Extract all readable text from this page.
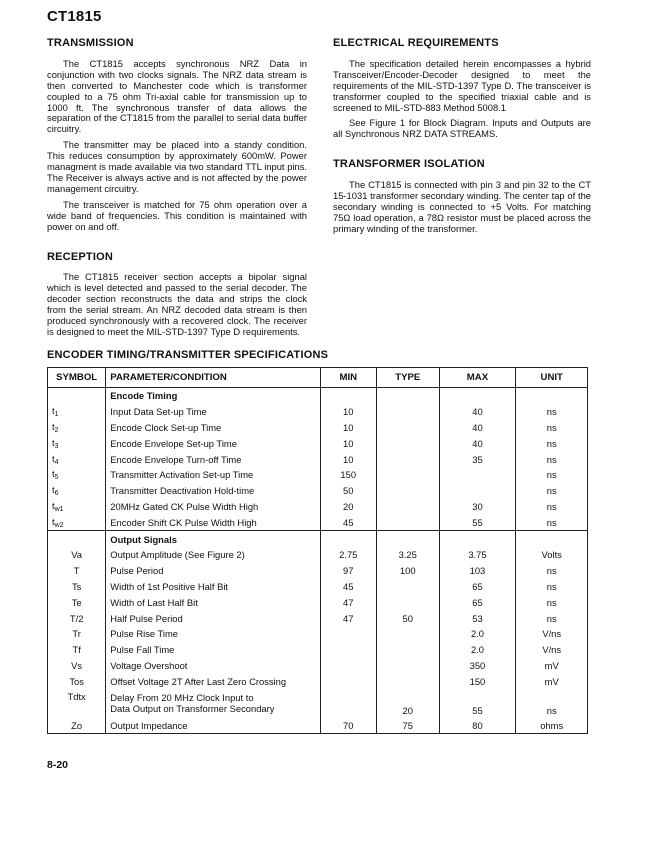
CT1815
TRANSMISSION

The CT1815 accepts synchronous NRZ Data in conjunction with two clocks signals. The NRZ data stream is then converted to Manchester code which is transformer coupled to a 75 ohm Tri-axial cable for transmission up to 1000 ft. The synchronous transfer of data allows the separation of the CT1815 from the parallel to serial data buffer circuitry.

The transmitter may be placed into a standy condition. This reduces consumption by approximately 600mW. Power managment is made available via two standard TTL input pins. The Receiver is always active and is not affected by the power management circuitry.

The transceiver is matched for 75 ohm operation over a wide band of frequencies. This condition is maintained with power on and off.

RECEPTION

The CT1815 receiver section accepts a bipolar signal which is level detected and passed to the serial decoder. The decoder section reconstructs the data and strips the clock from the serial stream. An NRZ decoded data stream is then produced synchronously with a recovered clock. The receiver is designed to meet the MIL-STD-1397 Type D requirements.

ELECTRICAL REQUIREMENTS

The specification detailed herein encompasses a hybrid Transceiver/Encoder-Decoder designed to meet the requirements of the MIL-STD-1397 Type D. The transceiver is transformer coupled to the specified triaxial cable and is screened to MIL-STD-883 Method 5008.1

See Figure 1 for Block Diagram. Inputs and Outputs are all Synchronous NRZ DATA STREAMS.

TRANSFORMER ISOLATION

The CT1815 is connected with pin 3 and pin 32 to the CT 15-1031 transformer secondary winding. The center tap of the secondary winding is connected to +5 Volts. For matching 75Ω load operation, a 78Ω resistor must be placed across the primary winding of the transformer.

ENCODER TIMING/TRANSMITTER SPECIFICATIONS
SYMBOL	PARAMETER/CONDITION	MIN	TYPE	MAX	UNIT
	Encode Timing				
$t_1$	Input Data Set-up Time	10		40	ns
$t_2$	Encode Clock Set-up Time	10		40	ns
$t_3$	Encode Envelope Set-up Time	10		40	ns
$t_4$	Encode Envelope Turn-off Time	10		35	ns
$t_5$	Transmitter Activation Set-up Time	150			ns
$t_6$	Transmitter Deactivation Hold-time	50			ns
$t_{w1}$	20MHz Gated CK Pulse Width High	20		30	ns
$t_{w2}$	Encoder Shift CK Pulse Width High	45		55	ns
	Output Signals				
Va	Output Amplitude (See Figure 2)	2.75	3.25	3.75	Volts
T	Pulse Period	97	100	103	ns
Ts	Width of 1st Positive Half Bit	45		65	ns
Te	Width of Last Half Bit	47		65	ns
T/2	Half Pulse Period	47	50	53	ns
Tr	Pulse Rise Time			2.0	V/ns
Tf	Pulse Fall Time			2.0	V/ns
Vs	Voltage Overshoot			350	mV
Tos	Offset Voltage 2T After Last Zero Crossing			150	mV
Tdtx	Delay From 20 MHz Clock Input to
Data Output on Transformer Secondary		20	55	ns
Zo	Output Impedance	70	75	80	ohms
8-20
